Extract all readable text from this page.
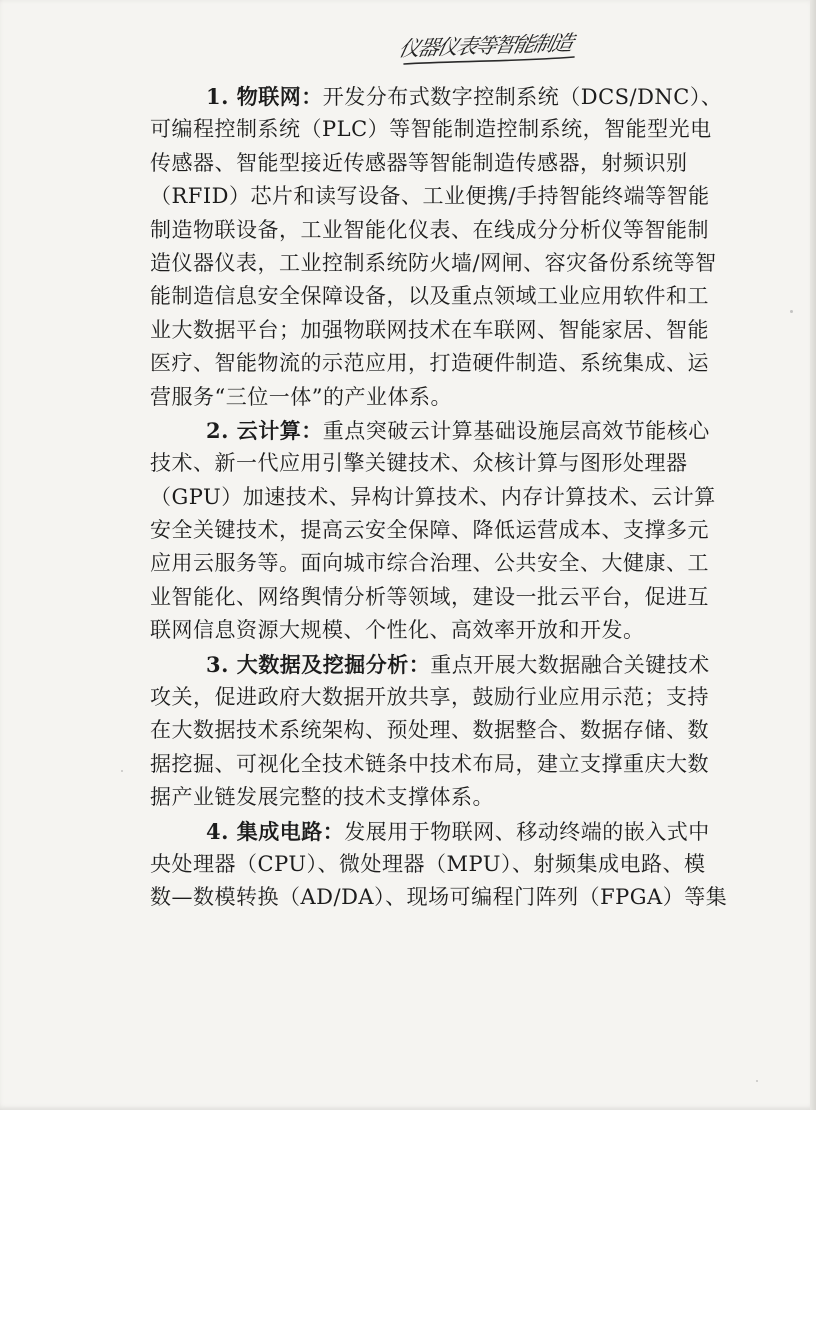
仪器仪表等智能制造
1. 物联网：开发分布式数字控制系统（DCS/DNC）、
可编程控制系统（PLC）等智能制造控制系统，智能型光电
传感器、智能型接近传感器等智能制造传感器，射频识别
（RFID）芯片和读写设备、工业便携/手持智能终端等智能
制造物联设备，工业智能化仪表、在线成分分析仪等智能制
造仪器仪表，工业控制系统防火墙/网闸、容灾备份系统等智
能制造信息安全保障设备，以及重点领域工业应用软件和工
业大数据平台；加强物联网技术在车联网、智能家居、智能
医疗、智能物流的示范应用，打造硬件制造、系统集成、运
营服务“三位一体”的产业体系。
2. 云计算：重点突破云计算基础设施层高效节能核心
技术、新一代应用引擎关键技术、众核计算与图形处理器
（GPU）加速技术、异构计算技术、内存计算技术、云计算
安全关键技术，提高云安全保障、降低运营成本、支撑多元
应用云服务等。面向城市综合治理、公共安全、大健康、工
业智能化、网络舆情分析等领域，建设一批云平台，促进互
联网信息资源大规模、个性化、高效率开放和开发。
3. 大数据及挖掘分析：重点开展大数据融合关键技术
攻关，促进政府大数据开放共享，鼓励行业应用示范；支持
在大数据技术系统架构、预处理、数据整合、数据存储、数
据挖掘、可视化全技术链条中技术布局，建立支撑重庆大数
据产业链发展完整的技术支撑体系。
4. 集成电路：发展用于物联网、移动终端的嵌入式中
央处理器（CPU）、微处理器（MPU）、射频集成电路、模
数—数模转换（AD/DA）、现场可编程门阵列（FPGA）等集
